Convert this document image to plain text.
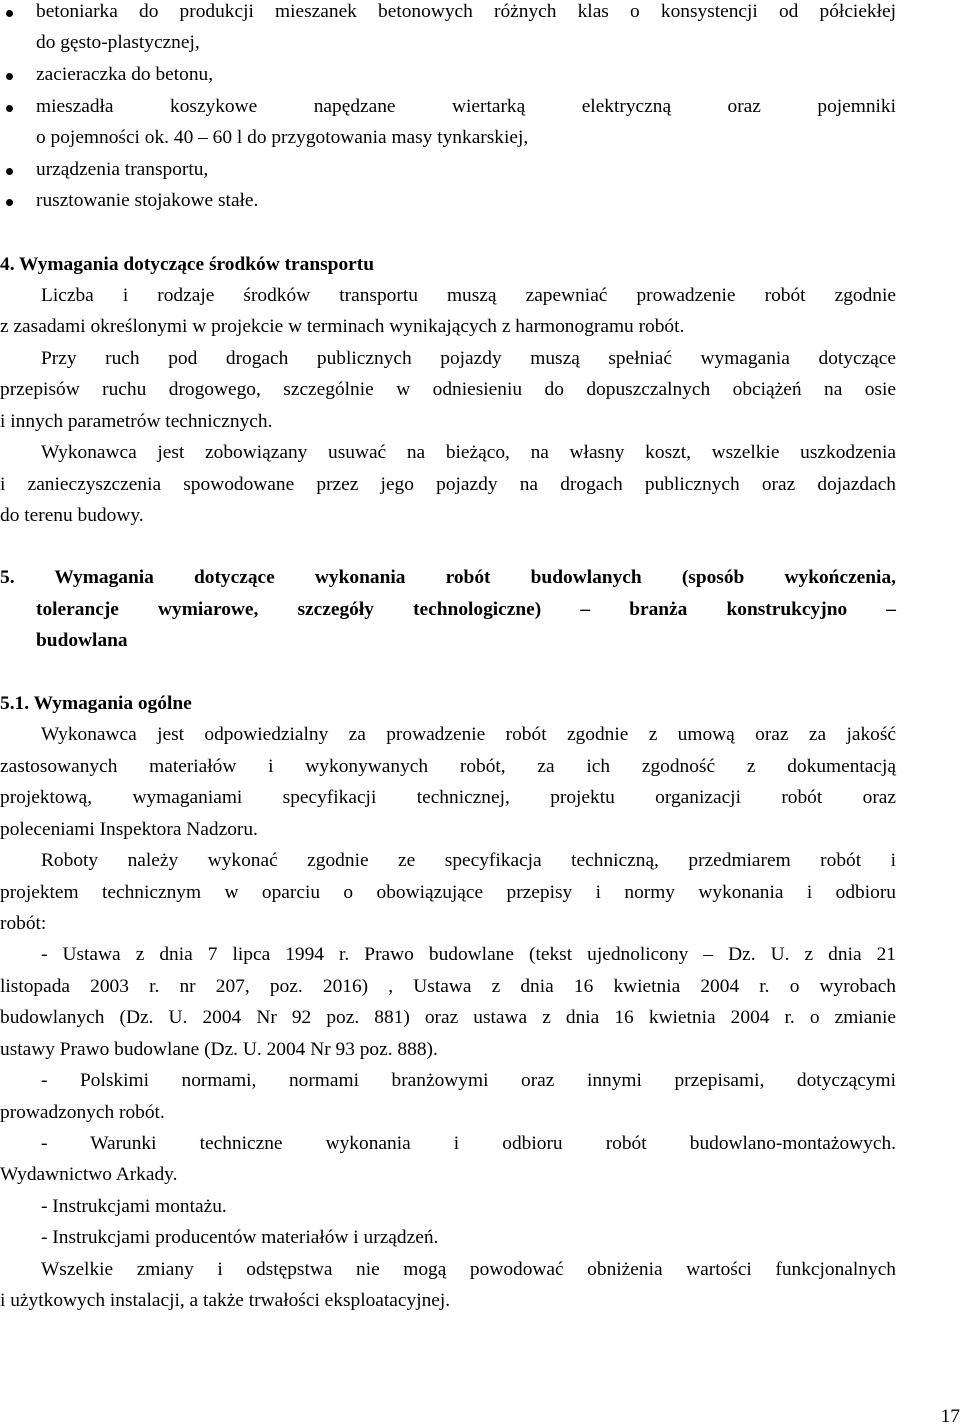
betoniarka do produkcji mieszanek betonowych różnych klas o konsystencji od półciekłej
do gęsto-plastycznej,
zacieraczka do betonu,
mieszadła koszykowe napędzane wiertarką elektryczną oraz pojemniki
o pojemności ok. 40 – 60 l do przygotowania masy tynkarskiej,
urządzenia transportu,
rusztowanie stojakowe stałe.
4. Wymagania dotyczące środków transportu
Liczba i rodzaje środków transportu muszą zapewniać prowadzenie robót zgodnie
z zasadami określonymi w projekcie w terminach wynikających z harmonogramu robót.
Przy ruch pod drogach publicznych pojazdy muszą spełniać wymagania dotyczące
przepisów ruchu drogowego, szczególnie w odniesieniu do dopuszczalnych obciążeń na osie
i innych parametrów technicznych.
Wykonawca jest zobowiązany usuwać na bieżąco, na własny koszt, wszelkie uszkodzenia
i zanieczyszczenia spowodowane przez jego pojazdy na drogach publicznych oraz dojazdach
do terenu budowy.
5. Wymagania dotyczące wykonania robót budowlanych (sposób wykończenia,
tolerancje wymiarowe, szczegóły technologiczne) – branża konstrukcyjno –
budowlana
5.1. Wymagania ogólne
Wykonawca jest odpowiedzialny za prowadzenie robót zgodnie z umową oraz za jakość
zastosowanych materiałów i wykonywanych robót, za ich zgodność z dokumentacją
projektową, wymaganiami specyfikacji technicznej, projektu organizacji robót oraz
poleceniami Inspektora Nadzoru.
Roboty należy wykonać zgodnie ze specyfikacja techniczną, przedmiarem robót i
projektem technicznym w oparciu o obowiązujące przepisy i normy wykonania i odbioru
robót:
- Ustawa z dnia 7 lipca 1994 r. Prawo budowlane (tekst ujednolicony – Dz. U. z dnia 21
listopada 2003 r. nr 207, poz. 2016) , Ustawa z dnia 16 kwietnia 2004 r. o wyrobach
budowlanych (Dz. U. 2004 Nr 92 poz. 881) oraz ustawa z dnia 16 kwietnia 2004 r. o zmianie
ustawy Prawo budowlane (Dz. U. 2004 Nr 93 poz. 888).
- Polskimi normami, normami branżowymi oraz innymi przepisami, dotyczącymi
prowadzonych robót.
- Warunki techniczne wykonania i odbioru robót budowlano-montażowych.
Wydawnictwo Arkady.
- Instrukcjami montażu.
- Instrukcjami producentów materiałów i urządzeń.
Wszelkie zmiany i odstępstwa nie mogą powodować obniżenia wartości funkcjonalnych
i użytkowych instalacji, a także trwałości eksploatacyjnej.
17
